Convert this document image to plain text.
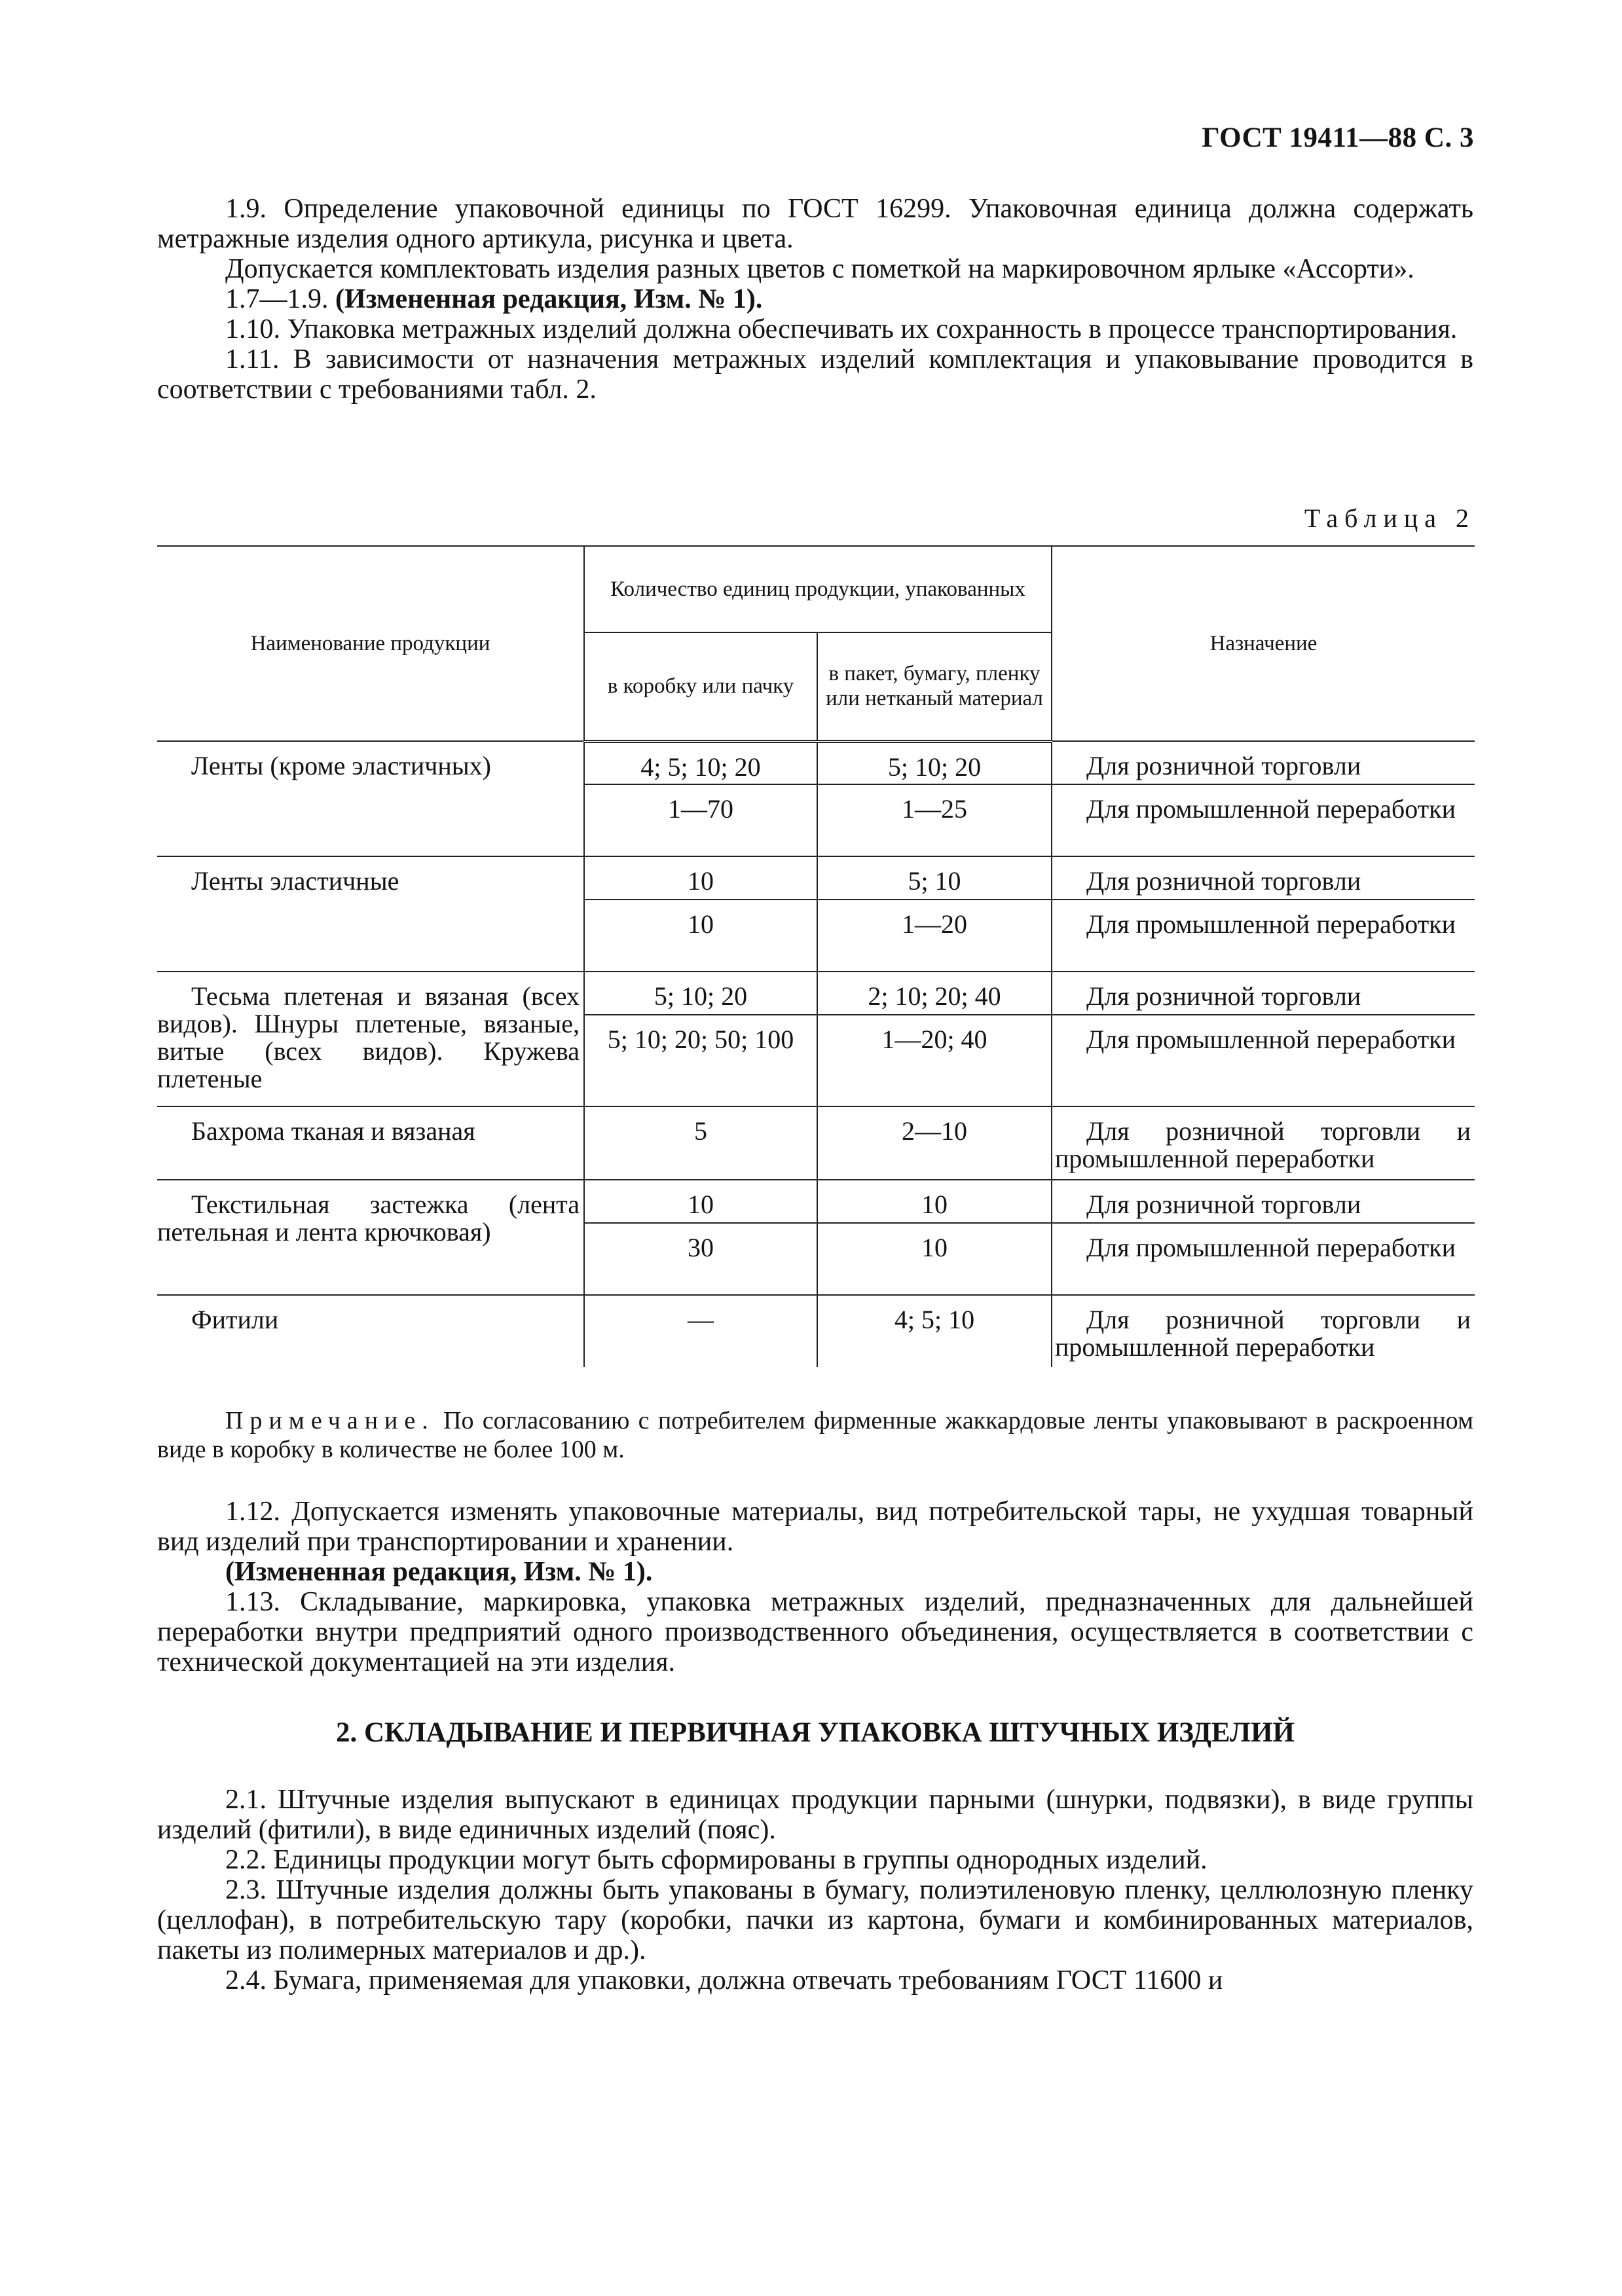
ГОСТ 19411—88 С. 3

1.9. Определение упаковочной единицы по ГОСТ 16299. Упаковочная единица должна содержать метражные изделия одного артикула, рисунка и цвета.

Допускается комплектовать изделия разных цветов с пометкой на маркировочном ярлыке «Ассорти».

1.7—1.9. (Измененная редакция, Изм. № 1).

1.10. Упаковка метражных изделий должна обеспечивать их сохранность в процессе транспортирования.

1.11. В зависимости от назначения метражных изделий комплектация и упаковывание проводится в соответствии с требованиями табл. 2.

Таблица 2
Наименование продукции	Количество единиц продукции, упакованных		Назначение
	в коробку или пачку	в пакет, бумагу, пленку или нетканый материал	
Ленты (кроме эластичных)	4; 5; 10; 20	5; 10; 20	Для розничной торговли
	1—70	1—25	Для промышленной переработки
Ленты эластичные	10	5; 10	Для розничной торговли
	10	1—20	Для промышленной переработки
Тесьма плетеная и вязаная (всех видов). Шнуры плетеные, вязаные, витые (всех видов). Кружева плетеные	5; 10; 20	2; 10; 20; 40	Для розничной торговли
	5; 10; 20; 50; 100	1—20; 40	Для промышленной переработки
Бахрома тканая и вязаная	5	2—10	Для розничной торговли и промышленной переработки
Текстильная застежка (лента петельная и лента крючковая)	10	10	Для розничной торговли
	30	10	Для промышленной переработки
Фитили	—	4; 5; 10	Для розничной торговли и промышленной переработки
Примечание. По согласованию с потребителем фирменные жаккардовые ленты упаковывают в раскроенном виде в коробку в количестве не более 100 м.

1.12. Допускается изменять упаковочные материалы, вид потребительской тары, не ухудшая товарный вид изделий при транспортировании и хранении.

(Измененная редакция, Изм. № 1).

1.13. Складывание, маркировка, упаковка метражных изделий, предназначенных для дальнейшей переработки внутри предприятий одного производственного объединения, осуществляется в соответствии с технической документацией на эти изделия.

2. СКЛАДЫВАНИЕ И ПЕРВИЧНАЯ УПАКОВКА ШТУЧНЫХ ИЗДЕЛИЙ

2.1. Штучные изделия выпускают в единицах продукции парными (шнурки, подвязки), в виде группы изделий (фитили), в виде единичных изделий (пояс).

2.2. Единицы продукции могут быть сформированы в группы однородных изделий.

2.3. Штучные изделия должны быть упакованы в бумагу, полиэтиленовую пленку, целлюлозную пленку (целлофан), в потребительскую тару (коробки, пачки из картона, бумаги и комбинированных материалов, пакеты из полимерных материалов и др.).

2.4. Бумага, применяемая для упаковки, должна отвечать требованиям ГОСТ 11600 и
